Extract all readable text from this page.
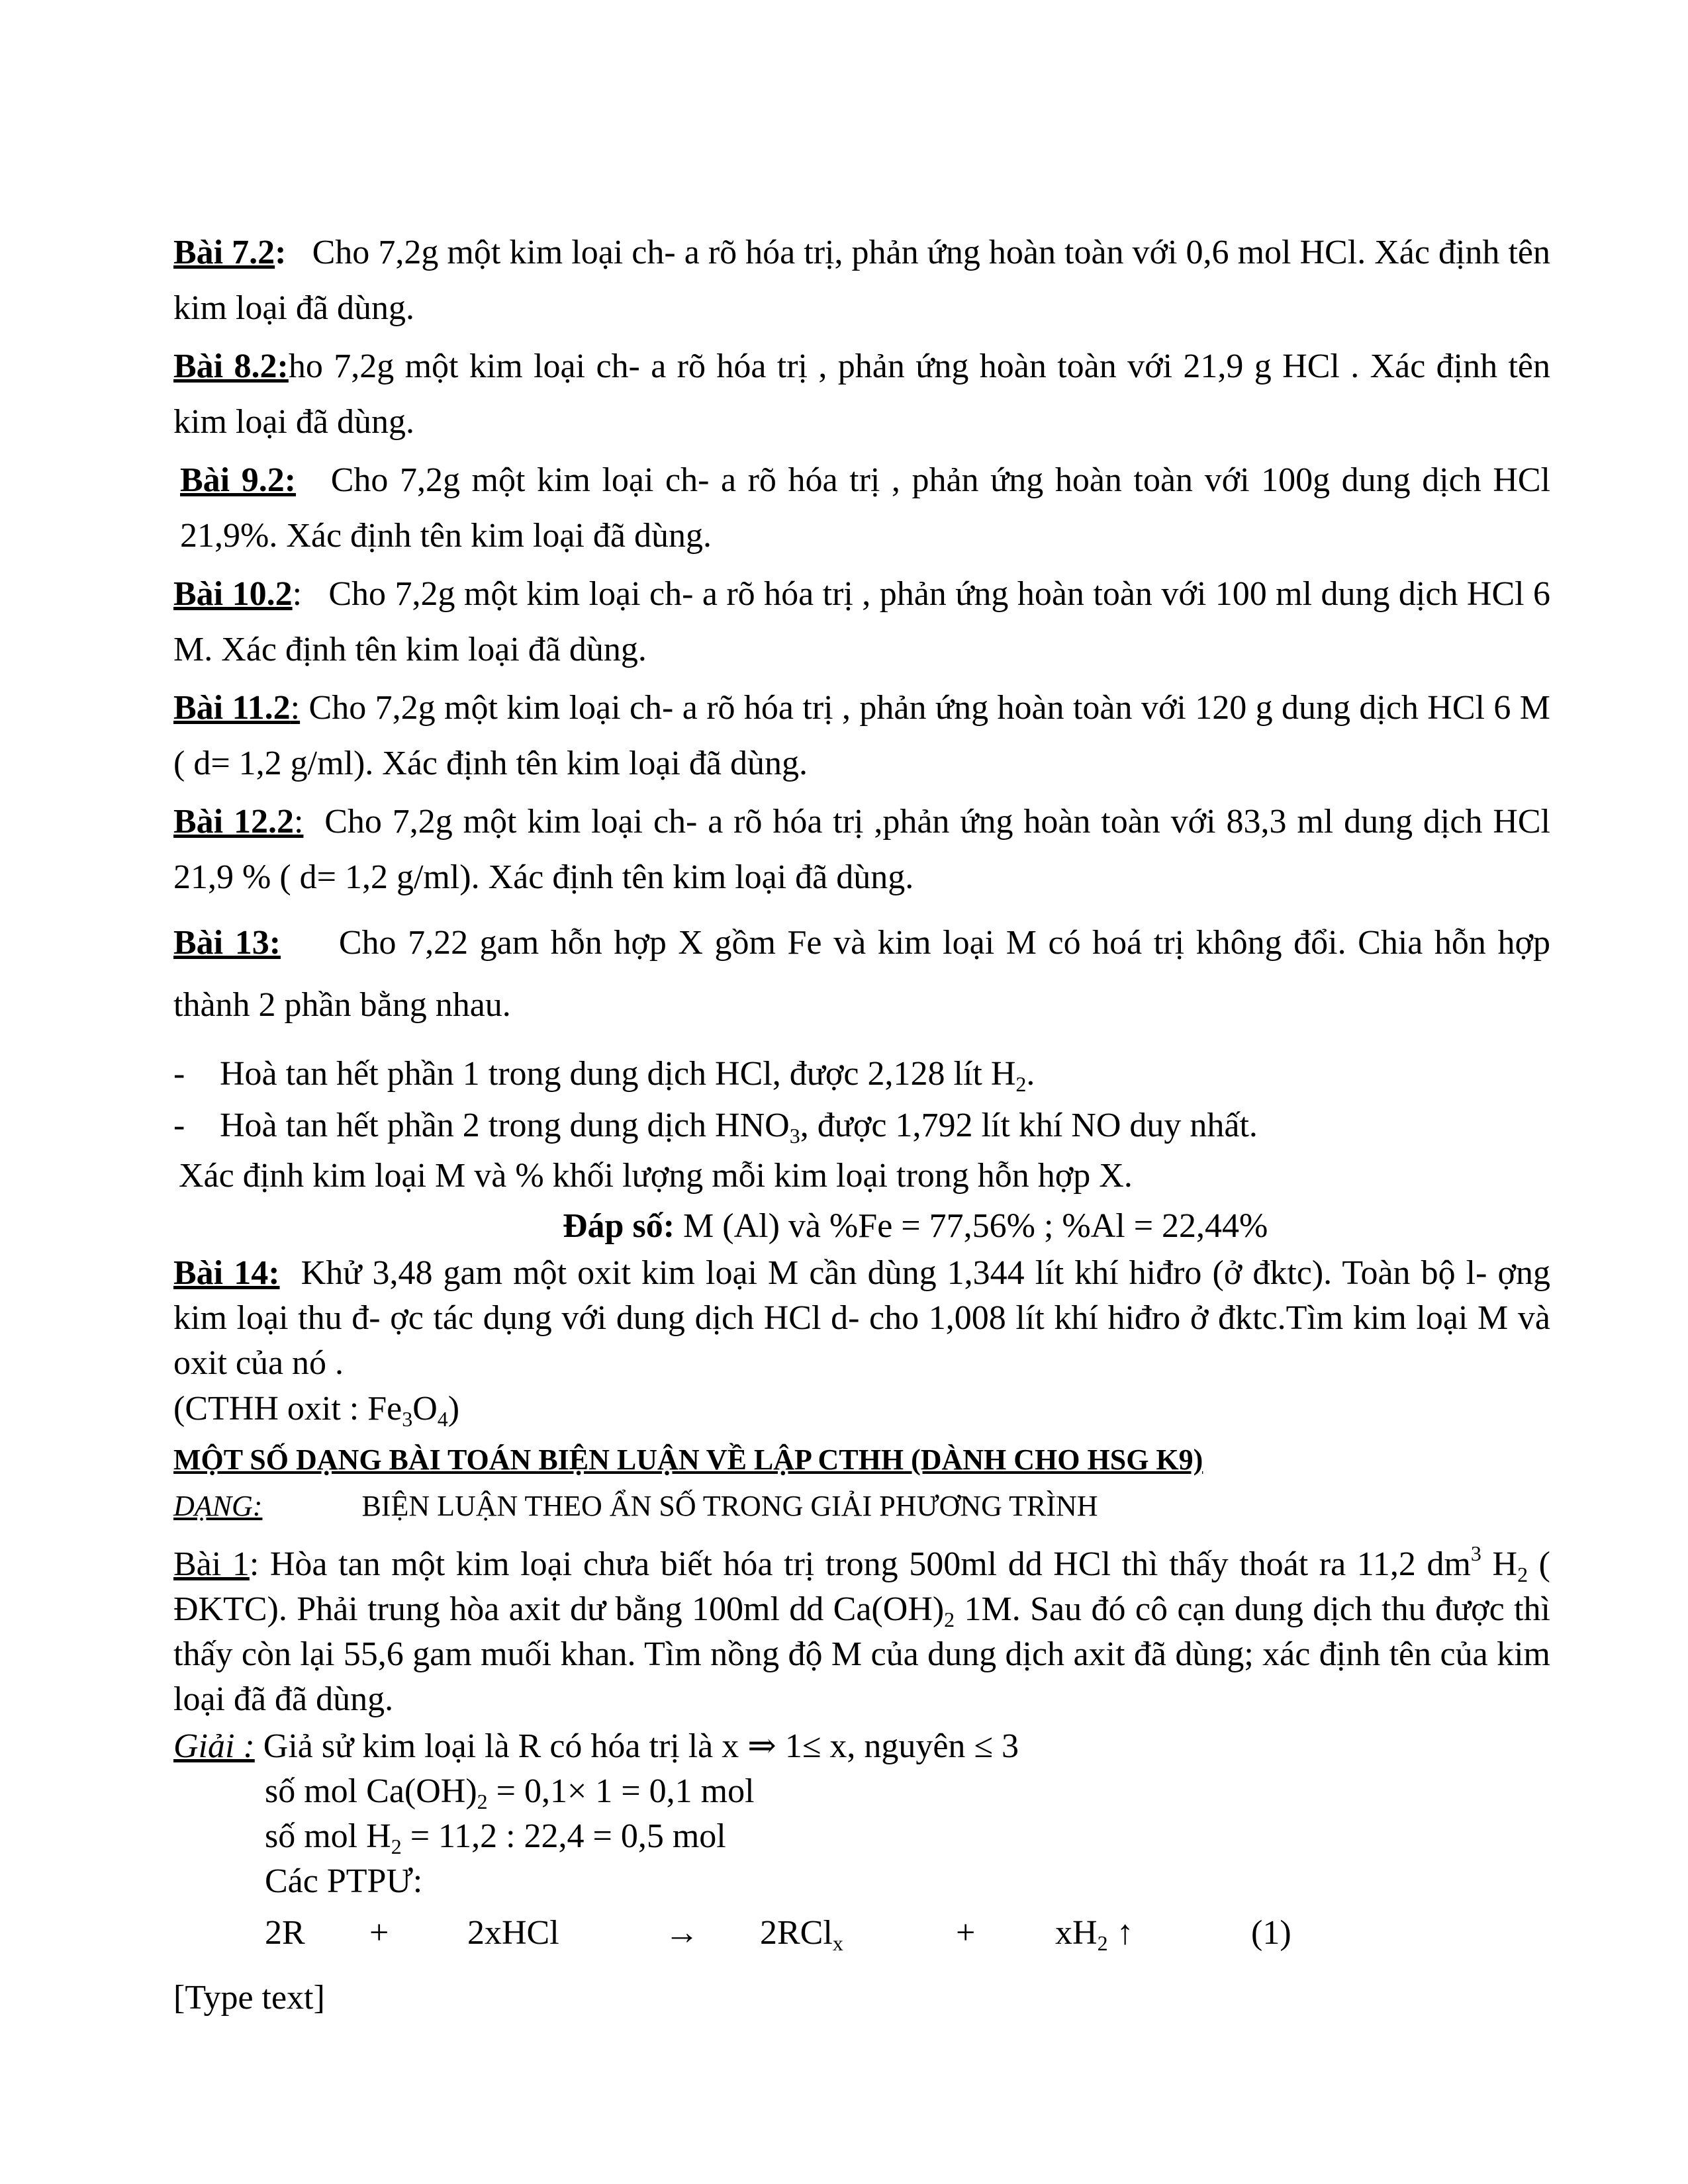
Bài 7.2: Cho 7,2g một kim loại ch- a rõ hóa trị, phản ứng hoàn toàn với 0,6 mol HCl. Xác định tên kim loại đã dùng.

Bài 8.2:ho 7,2g một kim loại ch- a rõ hóa trị , phản ứng hoàn toàn với 21,9 g HCl . Xác định tên kim loại đã dùng.

Bài 9.2: Cho 7,2g một kim loại ch- a rõ hóa trị , phản ứng hoàn toàn với 100g dung dịch HCl 21,9%. Xác định tên kim loại đã dùng.

Bài 10.2: Cho 7,2g một kim loại ch- a rõ hóa trị , phản ứng hoàn toàn với 100 ml dung dịch HCl 6 M. Xác định tên kim loại đã dùng.

Bài 11.2: Cho 7,2g một kim loại ch- a rõ hóa trị , phản ứng hoàn toàn với 120 g dung dịch HCl 6 M ( d= 1,2 g/ml). Xác định tên kim loại đã dùng.

Bài 12.2: Cho 7,2g một kim loại ch- a rõ hóa trị ,phản ứng hoàn toàn với 83,3 ml dung dịch HCl 21,9 % ( d= 1,2 g/ml). Xác định tên kim loại đã dùng.

Bài 13: Cho 7,22 gam hỗn hợp X gồm Fe và kim loại M có hoá trị không đổi. Chia hỗn hợp thành 2 phần bằng nhau.

- Hoà tan hết phần 1 trong dung dịch HCl, được 2,128 lít $H_2$.
- Hoà tan hết phần 2 trong dung dịch $HNO_3$, được 1,792 lít khí NO duy nhất.
Xác định kim loại M và % khối lượng mỗi kim loại trong hỗn hợp X.
Đáp số: M (Al) và %Fe = 77,56% ; %Al = 22,44%

Bài 14: Khử 3,48 gam một oxit kim loại M cần dùng 1,344 lít khí hiđro (ở đktc). Toàn bộ l- ợng kim loại thu đ- ợc tác dụng với dung dịch HCl d- cho 1,008 lít khí hiđro ở đktc.Tìm kim loại M và oxit của nó .

(CTHH oxit : $Fe_3O_4$)
MỘT SỐ DẠNG BÀI TOÁN BIỆN LUẬN VỀ LẬP CTHH (DÀNH CHO HSG K9)
DẠNG:	BIỆN LUẬN THEO ẨN SỐ TRONG GIẢI PHƯƠNG TRÌNH

Bài 1: Hòa tan một kim loại chưa biết hóa trị trong 500ml dd HCl thì thấy thoát ra 11,2 $dm^3$ $H_2$ ( ĐKTC). Phải trung hòa axit dư bằng 100ml dd $Ca(OH)_2$ 1M. Sau đó cô cạn dung dịch thu được thì thấy còn lại 55,6 gam muối khan. Tìm nồng độ M của dung dịch axit đã dùng; xác định tên của kim loại đã đã dùng.

Giải : Giả sử kim loại là R có hóa trị là x ⇒ 1≤ x, nguyên ≤ 3
số mol $Ca(OH)_2 = 0,1\times 1 = 0,1$ mol
số mol $H_2 = 11,2$ : 22,4 = 0,5 mol
Các PTPƯ:
2R + 2xHCl	→ 2RCl$_x$	+ $xH_2$ ↑	(1)
[Type text]
